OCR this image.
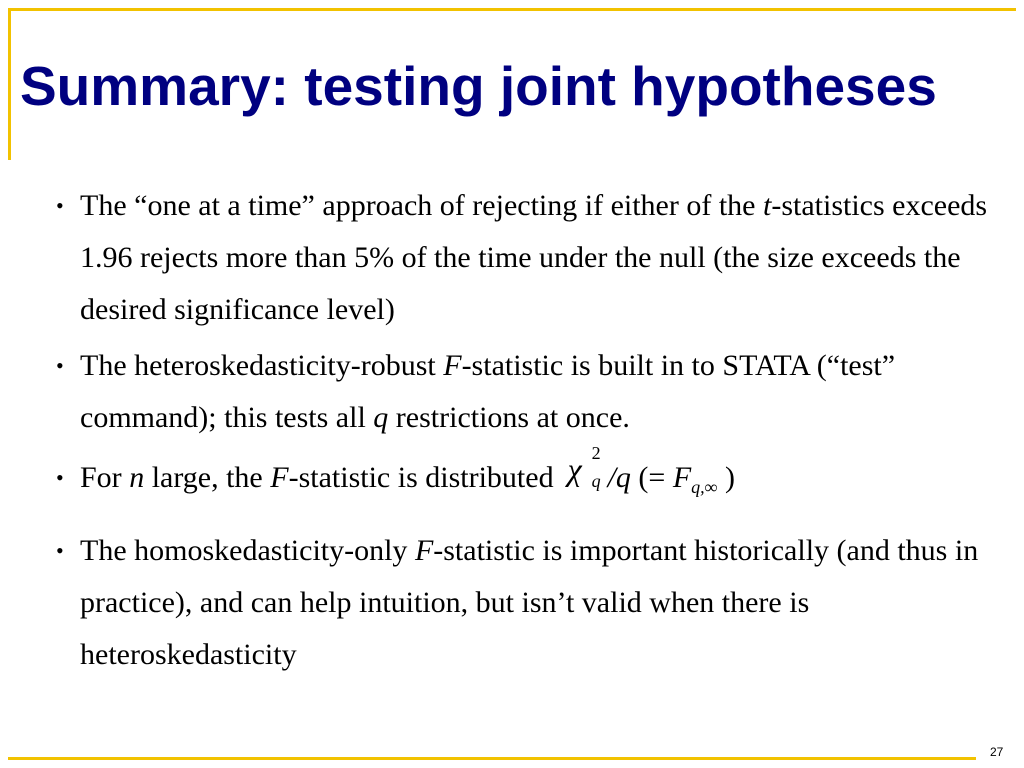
Summary: testing joint hypotheses
• The “one at a time” approach of rejecting if either of the t-statistics exceeds 1.96 rejects more than 5% of the time under the null (the size exceeds the desired significance level)
• The heteroskedasticity-robust F-statistic is built in to STATA (“test” command); this tests all q restrictions at once.
• For n large, the F-statistic is distributed χ 2
q /q (= $F_{q,\infty}$ )
• The homoskedasticity-only F-statistic is important historically (and thus in practice), and can help intuition, but isn’t valid when there is heteroskedasticity
27
